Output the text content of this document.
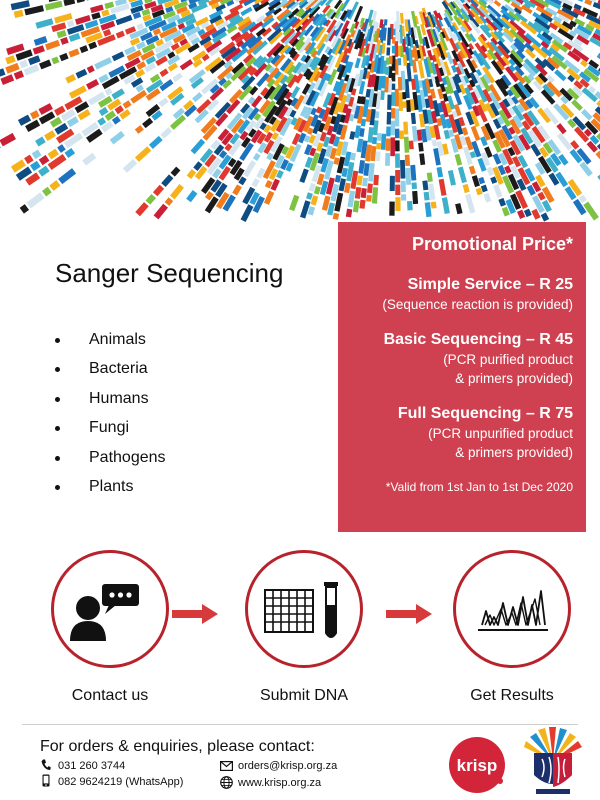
Sanger Sequencing
Animals
Bacteria
Humans
Fungi
Pathogens
Plants
Promotional Price*
Simple Service – R 25
(Sequence reaction is provided)
Basic Sequencing – R 45
(PCR purified product
& primers provided)
Full Sequencing – R 75
(PCR unpurified product
& primers provided)
*Valid from 1st Jan to 1st Dec 2020
Contact us	Submit DNA	Get Results
For orders & enquiries, please contact:
031 260 3744
082 9624219 (WhatsApp)
orders@krisp.org.za
www.krisp.org.za
krisp
